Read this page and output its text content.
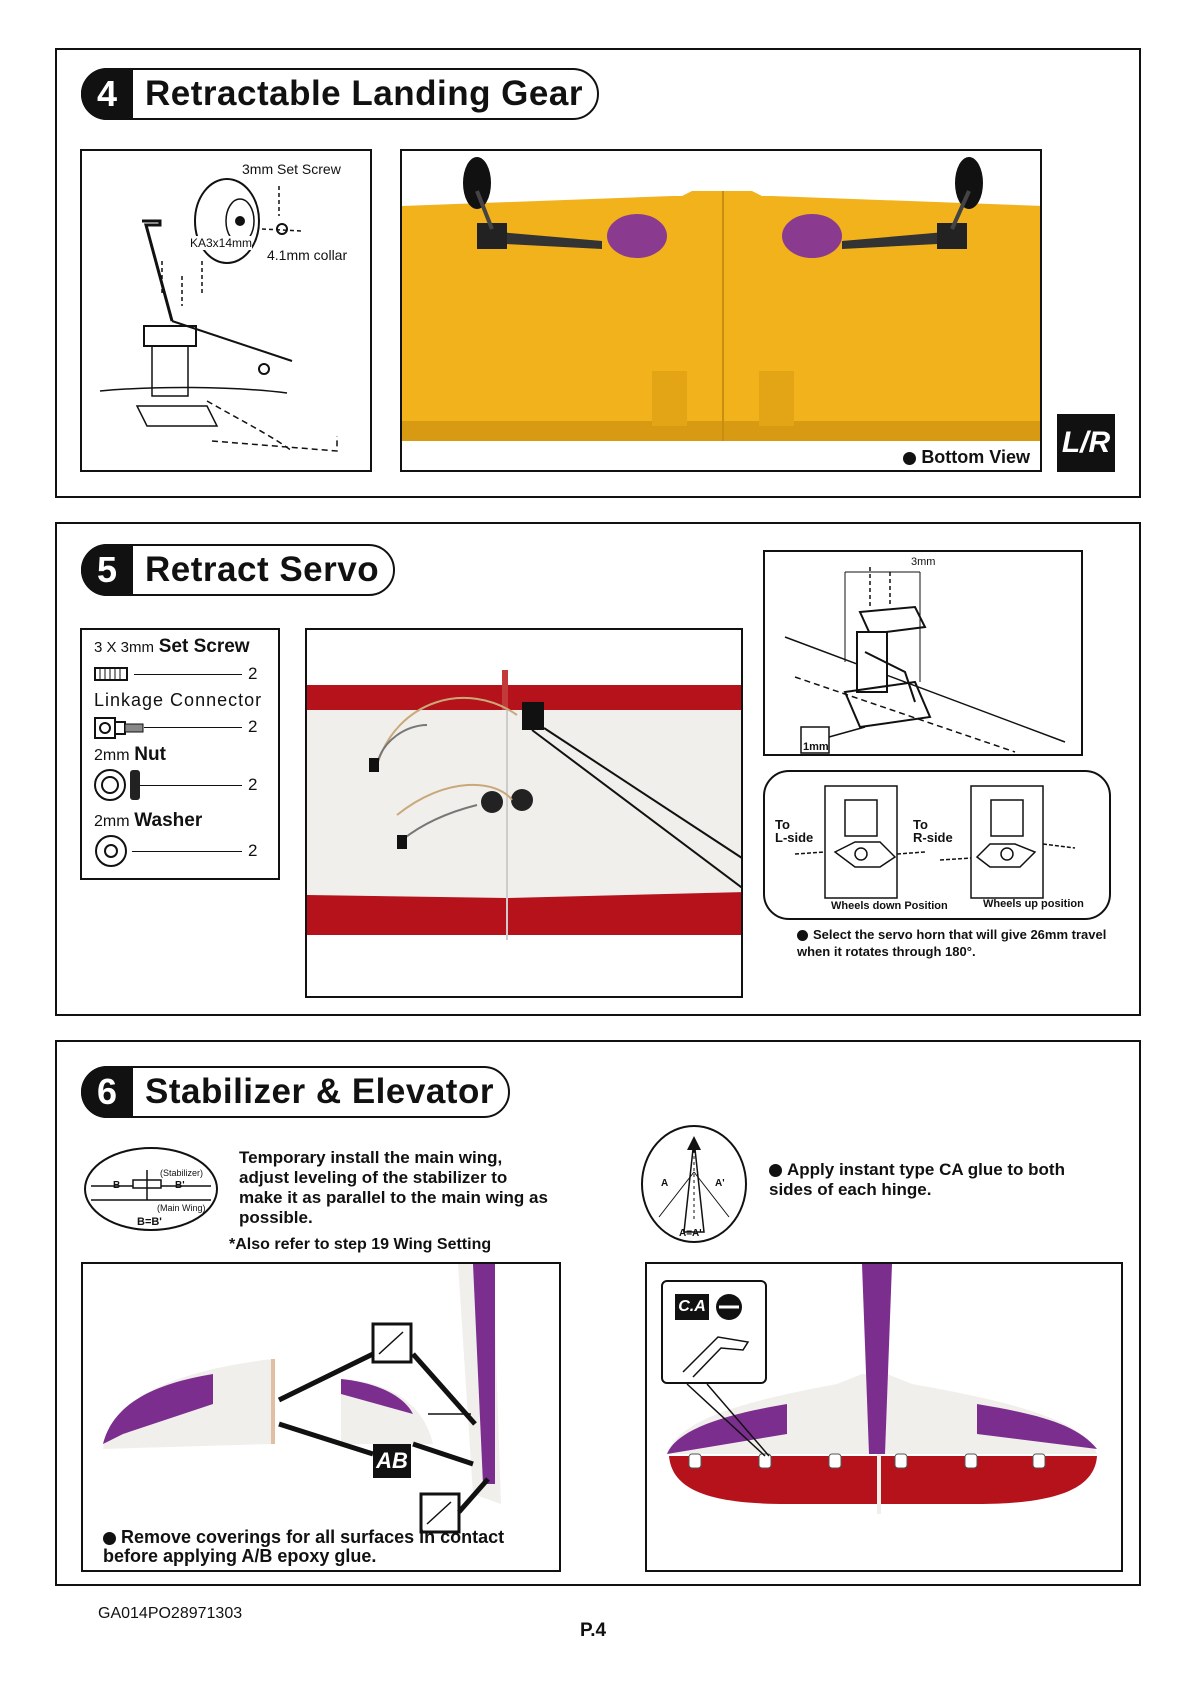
4 Retractable Landing Gear
3mm Set Screw
KA3x14mm
4.1mm collar
Bottom View L/R
5 Retract Servo
3 X 3mm Set Screw
2
Linkage Connector
2
2mm Nut
2
2mm Washer
2
3mm
1mm
To
L-side
To
R-side
Wheels down Position	Wheels up position
Select the servo horn that will give 26mm travel when it rotates through 180°.
6 Stabilizer & Elevator
B	B'
(Stabilizer)
(Main Wing)
B=B'
Temporary install the main wing, adjust leveling of the stabilizer to make it as parallel to the main wing as possible.
*Also refer to step 19 Wing Setting
A	A'
A=A'
Apply instant type CA glue to both sides of each hinge.
AB
Remove coverings for all surfaces in contact before applying A/B epoxy glue.
C.A
GA014PO28971303
P.4
